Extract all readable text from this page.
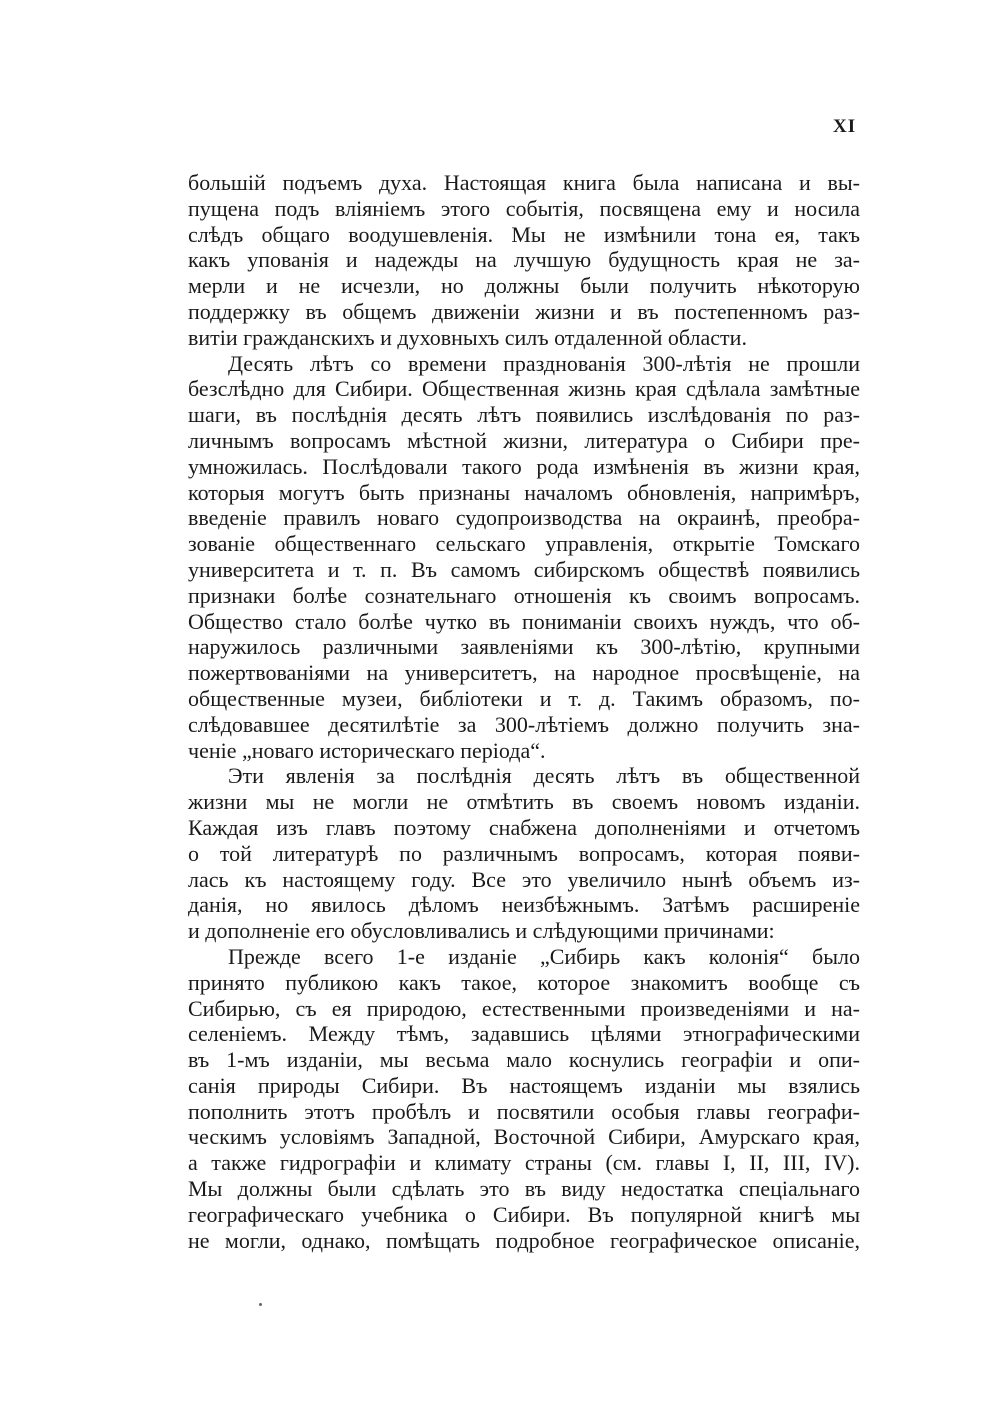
XI
большій подъемъ духа. Настоящая книга была написана и вы-
пущена подъ вліяніемъ этого событія, посвящена ему и носила
слѣдъ общаго воодушевленія. Мы не измѣнили тона ея, такъ
какъ упованія и надежды на лучшую будущность края не за-
мерли и не исчезли, но должны были получить нѣкоторую
поддержку въ общемъ движеніи жизни и въ постепенномъ раз-
витіи гражданскихъ и духовныхъ силъ отдаленной области.
Десять лѣтъ со времени празднованія 300-лѣтія не прошли
безслѣдно для Сибири. Общественная жизнь края сдѣлала замѣтные
шаги, въ послѣднія десять лѣтъ появились изслѣдованія по раз-
личнымъ вопросамъ мѣстной жизни, литература о Сибири пре-
умножилась. Послѣдовали такого рода измѣненія въ жизни края,
которыя могутъ быть признаны началомъ обновленія, напримѣръ,
введеніе правилъ новаго судопроизводства на окраинѣ, преобра-
зованіе общественнаго сельскаго управленія, открытіе Томскаго
университета и т. п. Въ самомъ сибирскомъ обществѣ появились
признаки болѣе сознательнаго отношенія къ своимъ вопросамъ.
Общество стало болѣе чутко въ пониманіи своихъ нуждъ, что об-
наружилось различными заявленіями къ 300-лѣтію, крупными
пожертвованіями на университетъ, на народное просвѣщеніе, на
общественные музеи, библіотеки и т. д. Такимъ образомъ, по-
слѣдовавшее десятилѣтіе за 300-лѣтіемъ должно получить зна-
ченіе „новаго историческаго періода“.
Эти явленія за послѣднія десять лѣтъ въ общественной
жизни мы не могли не отмѣтить въ своемъ новомъ изданіи.
Каждая изъ главъ поэтому снабжена дополненіями и отчетомъ
о той литературѣ по различнымъ вопросамъ, которая появи-
лась къ настоящему году. Все это увеличило нынѣ объемъ из-
данія, но явилось дѣломъ неизбѣжнымъ. Затѣмъ расширеніе
и дополненіе его обусловливались и слѣдующими причинами:
Прежде всего 1-е изданіе „Сибирь какъ колонія“ было
принято публикою какъ такое, которое знакомитъ вообще съ
Сибирью, съ ея природою, естественными произведеніями и на-
селеніемъ. Между тѣмъ, задавшись цѣлями этнографическими
въ 1-мъ изданіи, мы весьма мало коснулись географіи и опи-
санія природы Сибири. Въ настоящемъ изданіи мы взялись
пополнить этотъ пробѣлъ и посвятили особыя главы географи-
ческимъ условіямъ Западной, Восточной Сибири, Амурскаго края,
а также гидрографіи и климату страны (см. главы I, II, III, IV).
Мы должны были сдѣлать это въ виду недостатка спеціальнаго
географическаго учебника о Сибири. Въ популярной книгѣ мы
не могли, однако, помѣщать подробное географическое описаніе,
